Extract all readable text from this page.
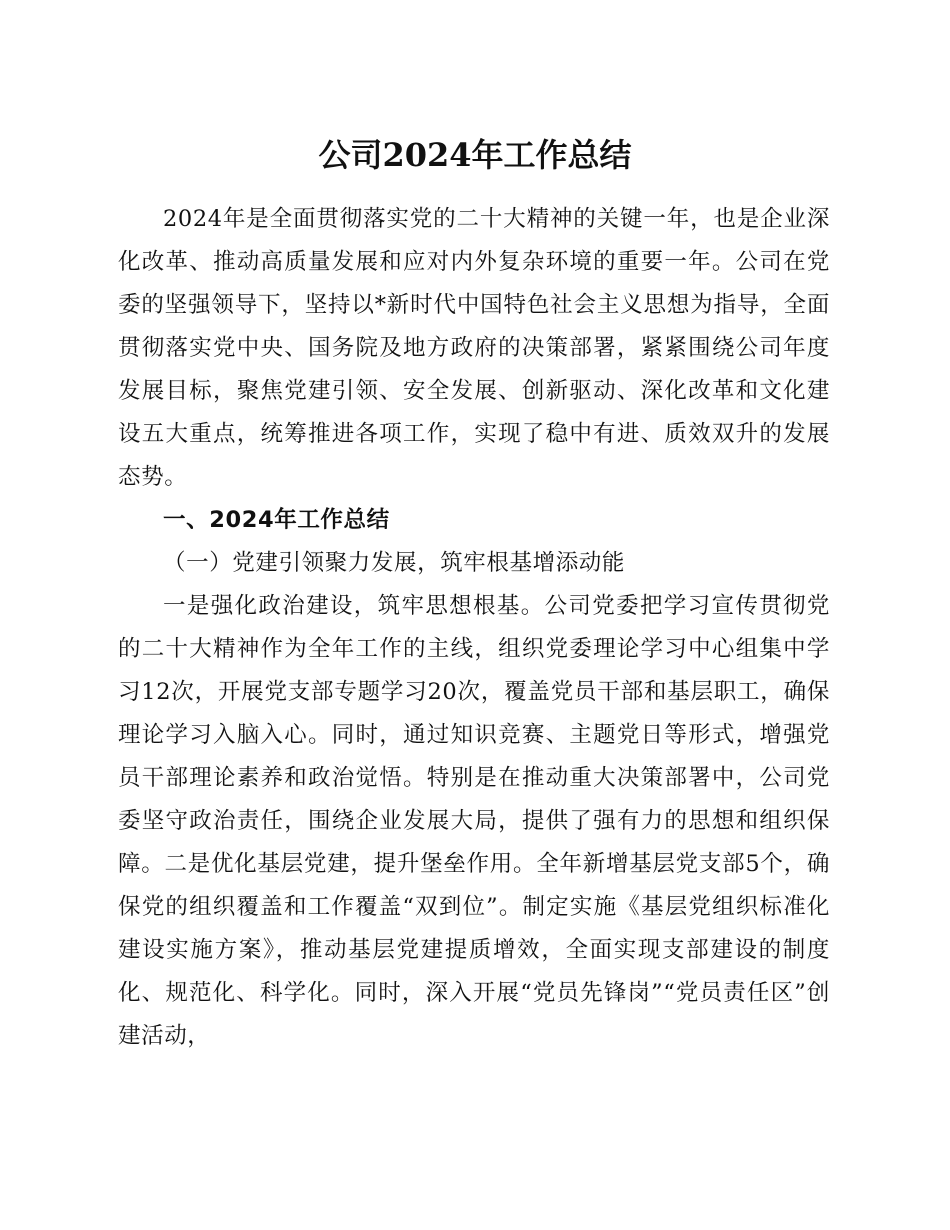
公司2024年工作总结

2024年是全面贯彻落实党的二十大精神的关键一年，也是企业深化改革、推动高质量发展和应对内外复杂环境的重要一年。公司在党委的坚强领导下，坚持以*新时代中国特色社会主义思想为指导，全面贯彻落实党中央、国务院及地方政府的决策部署，紧紧围绕公司年度发展目标，聚焦党建引领、安全发展、创新驱动、深化改革和文化建设五大重点，统筹推进各项工作，实现了稳中有进、质效双升的发展态势。

一、2024年工作总结

（一）党建引领聚力发展，筑牢根基增添动能

一是强化政治建设，筑牢思想根基。公司党委把学习宣传贯彻党的二十大精神作为全年工作的主线，组织党委理论学习中心组集中学习12次，开展党支部专题学习20次，覆盖党员干部和基层职工，确保理论学习入脑入心。同时，通过知识竞赛、主题党日等形式，增强党员干部理论素养和政治觉悟。特别是在推动重大决策部署中，公司党委坚守政治责任，围绕企业发展大局，提供了强有力的思想和组织保障。二是优化基层党建，提升堡垒作用。全年新增基层党支部5个，确保党的组织覆盖和工作覆盖“双到位”。制定实施《基层党组织标准化建设实施方案》，推动基层党建提质增效，全面实现支部建设的制度化、规范化、科学化。同时，深入开展“党员先锋岗”“党员责任区”创建活动，
